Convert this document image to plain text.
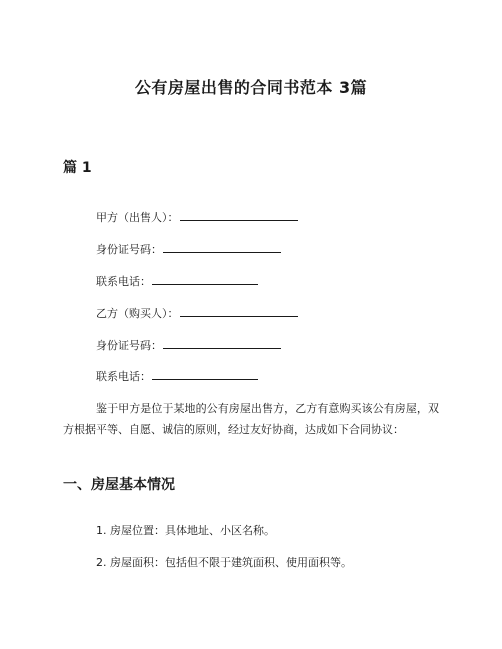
公有房屋出售的合同书范本 3篇
篇 1
甲方（出售人）：
身份证号码：
联系电话：
乙方（购买人）：
身份证号码：
联系电话：
鉴于甲方是位于某地的公有房屋出售方，乙方有意购买该公有房屋，双方根据平等、自愿、诚信的原则，经过友好协商，达成如下合同协议：
一、房屋基本情况
1. 房屋位置：具体地址、小区名称。
2. 房屋面积：包括但不限于建筑面积、使用面积等。
